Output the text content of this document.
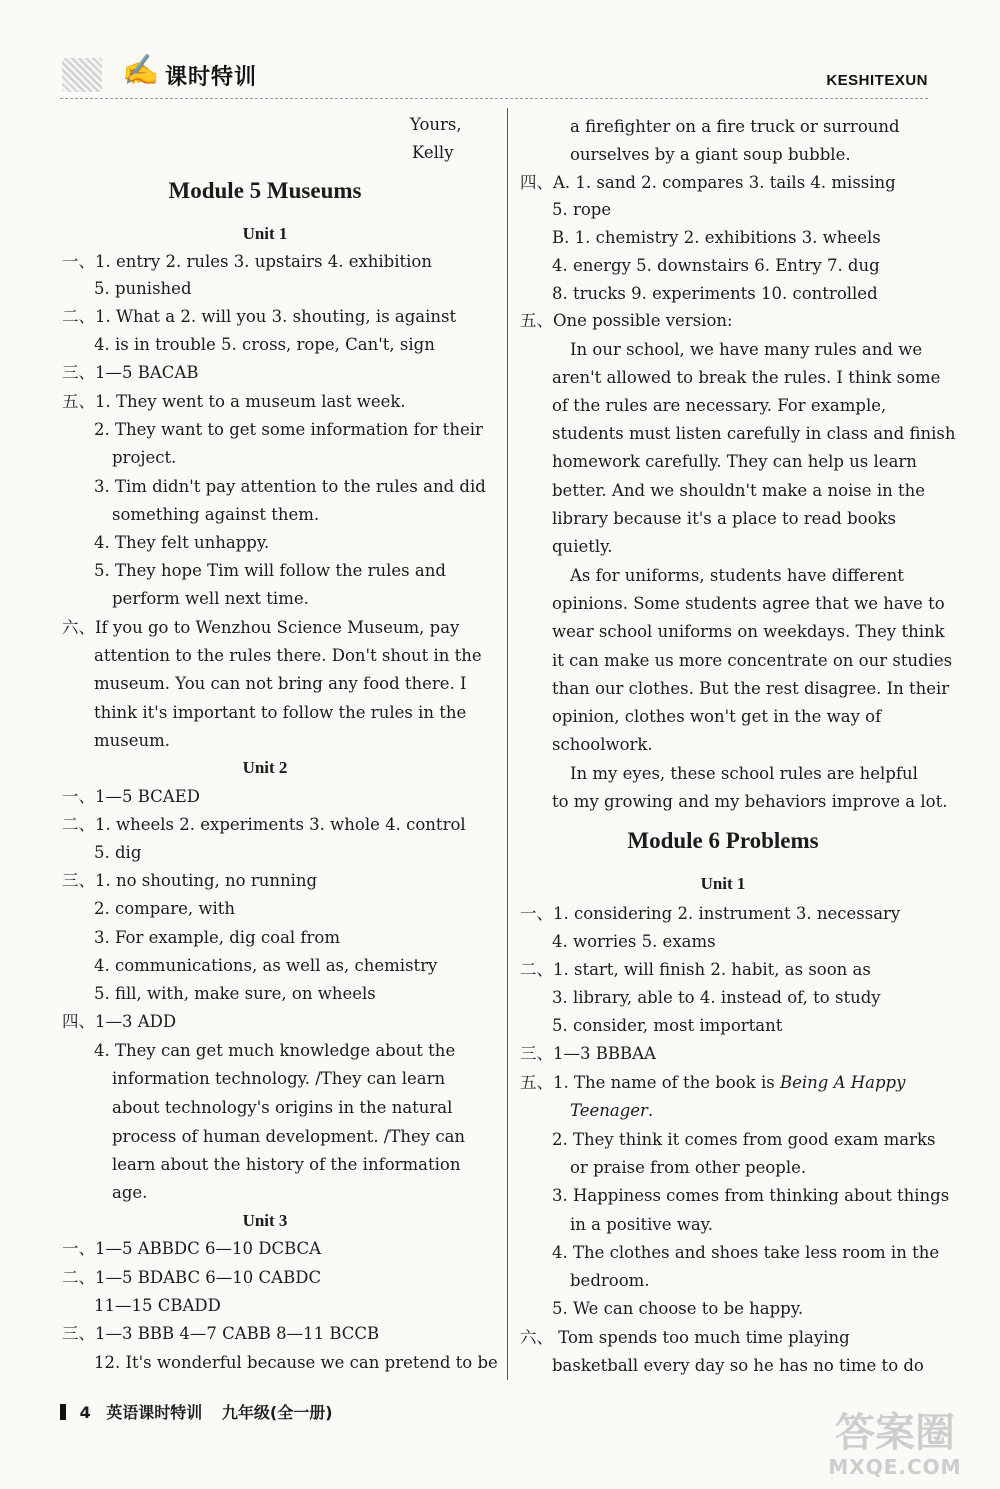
✍ 课时特训	KESHITEXUN
Yours,
Kelly
Module 5 Museums
Unit 1
一、1. entry 2. rules 3. upstairs 4. exhibition
5. punished
二、1. What a 2. will you 3. shouting, is against
4. is in trouble 5. cross, rope, Can't, sign
三、1—5 BACAB
五、1. They went to a museum last week.
2. They want to get some information for their
project.
3. Tim didn't pay attention to the rules and did
something against them.
4. They felt unhappy.
5. They hope Tim will follow the rules and
perform well next time.
六、If you go to Wenzhou Science Museum, pay
attention to the rules there. Don't shout in the
museum. You can not bring any food there. I
think it's important to follow the rules in the
museum.
Unit 2
一、1—5 BCAED
二、1. wheels 2. experiments 3. whole 4. control
5. dig
三、1. no shouting, no running
2. compare, with
3. For example, dig coal from
4. communications, as well as, chemistry
5. fill, with, make sure, on wheels
四、1—3 ADD
4. They can get much knowledge about the
information technology. /They can learn
about technology's origins in the natural
process of human development. /They can
learn about the history of the information
age.
Unit 3
一、1—5 ABBDC 6—10 DCBCA
二、1—5 BDABC 6—10 CABDC
11—15 CBADD
三、1—3 BBB 4—7 CABB 8—11 BCCB
12. It's wonderful because we can pretend to be
a firefighter on a fire truck or surround
ourselves by a giant soup bubble.
四、A. 1. sand 2. compares 3. tails 4. missing
5. rope
B. 1. chemistry 2. exhibitions 3. wheels
4. energy 5. downstairs 6. Entry 7. dug
8. trucks 9. experiments 10. controlled
五、One possible version:
In our school, we have many rules and we
aren't allowed to break the rules. I think some
of the rules are necessary. For example,
students must listen carefully in class and finish
homework carefully. They can help us learn
better. And we shouldn't make a noise in the
library because it's a place to read books
quietly.
As for uniforms, students have different
opinions. Some students agree that we have to
wear school uniforms on weekdays. They think
it can make us more concentrate on our studies
than our clothes. But the rest disagree. In their
opinion, clothes won't get in the way of
schoolwork.
In my eyes, these school rules are helpful
to my growing and my behaviors improve a lot.
Module 6 Problems
Unit 1
一、1. considering 2. instrument 3. necessary
4. worries 5. exams
二、1. start, will finish 2. habit, as soon as
3. library, able to 4. instead of, to study
5. consider, most important
三、1—3 BBBAA
五、1. The name of the book is Being A Happy
Teenager.
2. They think it comes from good exam marks
or praise from other people.
3. Happiness comes from thinking about things
in a positive way.
4. The clothes and shoes take less room in the
bedroom.
5. We can choose to be happy.
六、 Tom spends too much time playing
basketball every day so he has no time to do
4 英语课时特训 九年级(全一册)	答案圈
MXQE.COM
